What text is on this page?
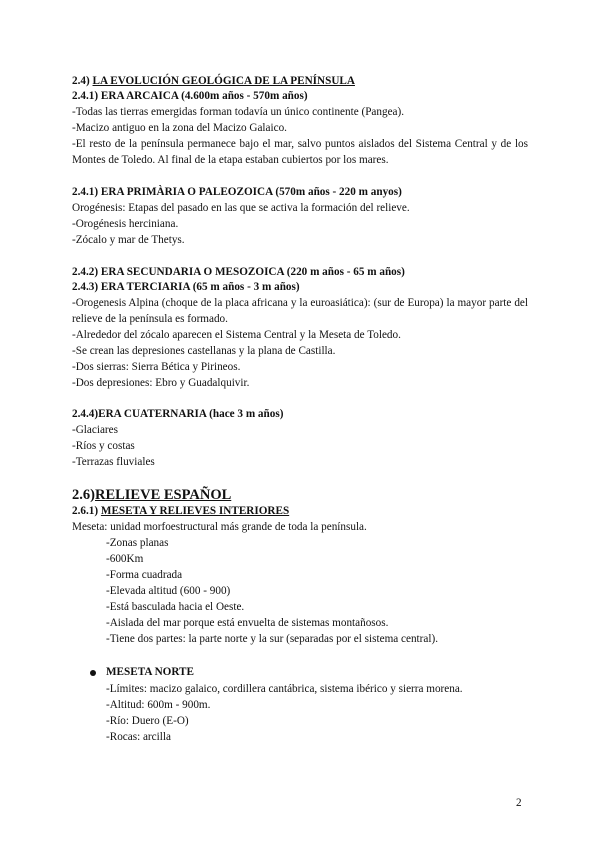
2.4) LA EVOLUCIÓN GEOLÓGICA DE LA PENÍNSULA
2.4.1) ERA ARCAICA (4.600m años - 570m años)
-Todas las tierras emergidas forman todavía un único continente (Pangea).
-Macizo antiguo en la zona del Macizo Galaico.
-El resto de la península permanece bajo el mar, salvo puntos aislados del Sistema Central y de los Montes de Toledo. Al final de la etapa estaban cubiertos por los mares.
2.4.1) ERA PRIMÀRIA O PALEOZOICA (570m años - 220 m anyos)
Orogénesis: Etapas del pasado en las que se activa la formación del relieve.
-Orogénesis herciniana.
-Zócalo y mar de Thetys.
2.4.2) ERA SECUNDARIA O MESOZOICA (220 m años - 65 m años)
2.4.3) ERA TERCIARIA (65 m años - 3 m años)
-Orogenesis Alpina (choque de la placa africana y la euroasiática): (sur de Europa) la mayor parte del relieve de la península es formado.
-Alrededor del zócalo aparecen el Sistema Central y la Meseta de Toledo.
-Se crean las depresiones castellanas y la plana de Castilla.
-Dos sierras: Sierra Bética y Pirineos.
-Dos depresiones: Ebro y Guadalquivir.
2.4.4)ERA CUATERNARIA (hace 3 m años)
-Glaciares
-Ríos y costas
-Terrazas fluviales
2.6)RELIEVE ESPAÑOL
2.6.1) MESETA Y RELIEVES INTERIORES
Meseta: unidad morfoestructural más grande de toda la península.
-Zonas planas
-600Km
-Forma cuadrada
-Elevada altitud (600 - 900)
-Está basculada hacia el Oeste.
-Aislada del mar porque está envuelta de sistemas montañosos.
-Tiene dos partes: la parte norte y la sur (separadas por el sistema central).
MESETA NORTE
-Límites: macizo galaico, cordillera cantábrica, sistema ibérico y sierra morena.
-Altitud: 600m - 900m.
-Río: Duero (E-O)
-Rocas: arcilla
2
